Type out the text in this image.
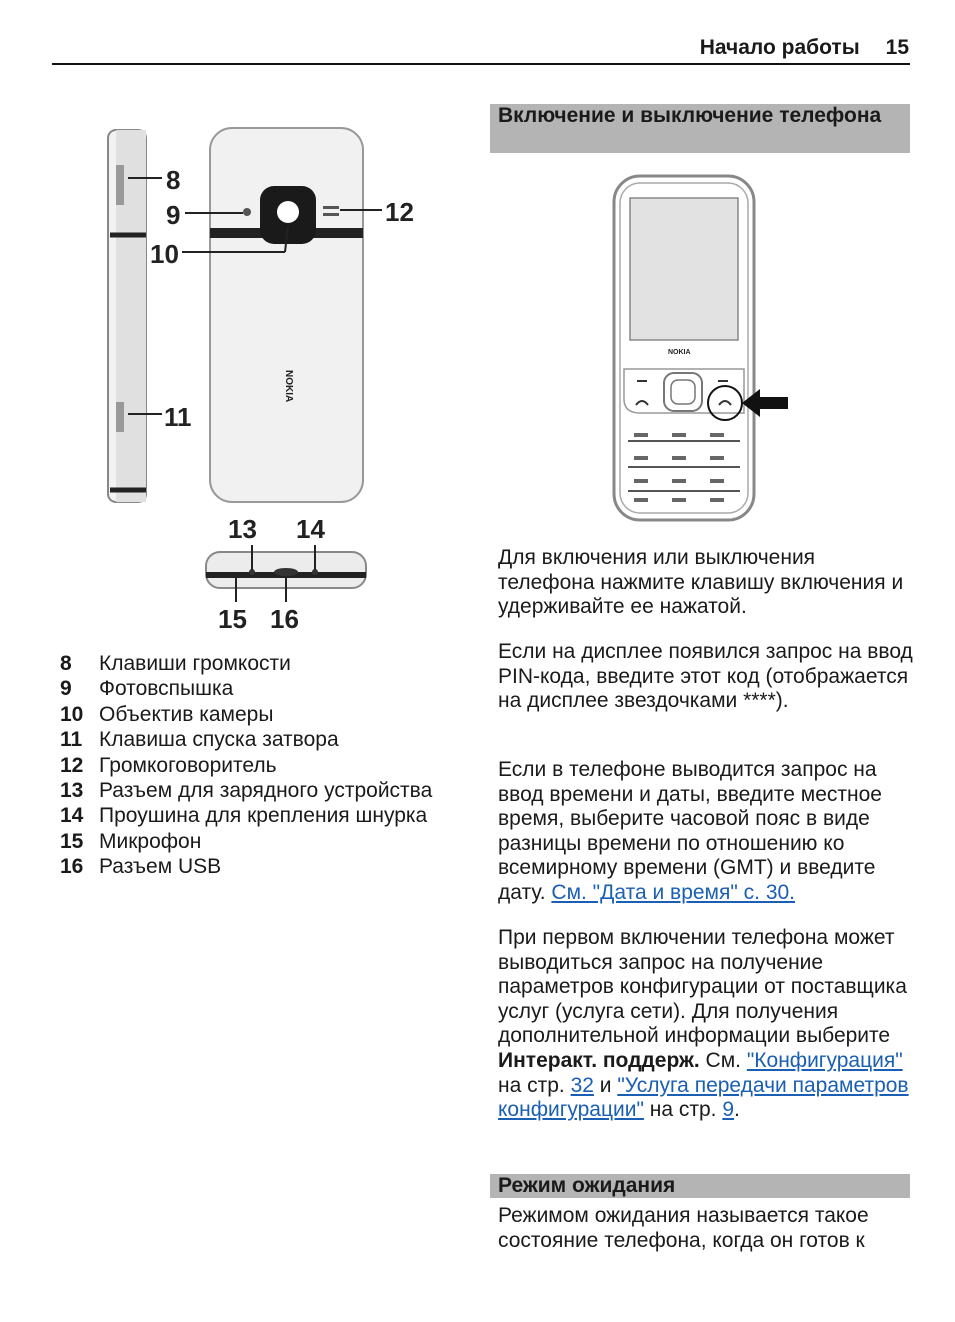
Начало работы 15
NOKIA
8
9
10
11
12
13 14
15 16
8	Клавиши громкости
9	Фотовспышка
10 Объектив камеры
11 Клавиша спуска затвора
12 Громкоговоритель
13 Разъем для зарядного устройства
14 Проушина для крепления шнурка
15 Микрофон
16 Разъем USB
Включение и выключение телефона
NOKIA
Для включения или выключения телефона нажмите клавишу включения и удерживайте ее нажатой.
Если на дисплее появился запрос на ввод PIN-кода, введите этот код (отображается на дисплее звездочками ****).
Если в телефоне выводится запрос на ввод времени и даты, введите местное время, выберите часовой пояс в виде разницы времени по отношению ко всемирному времени (GMT) и введите дату. См. "Дата и время" с. 30.
При первом включении телефона может выводиться запрос на получение параметров конфигурации от поставщика услуг (услуга сети). Для получения дополнительной информации выберите Интеракт. поддерж. См. "Конфигурация" на стр. 32 и "Услуга передачи параметров конфигурации" на стр. 9.
Режим ожидания
Режимом ожидания называется такое состояние телефона, когда он готов к
